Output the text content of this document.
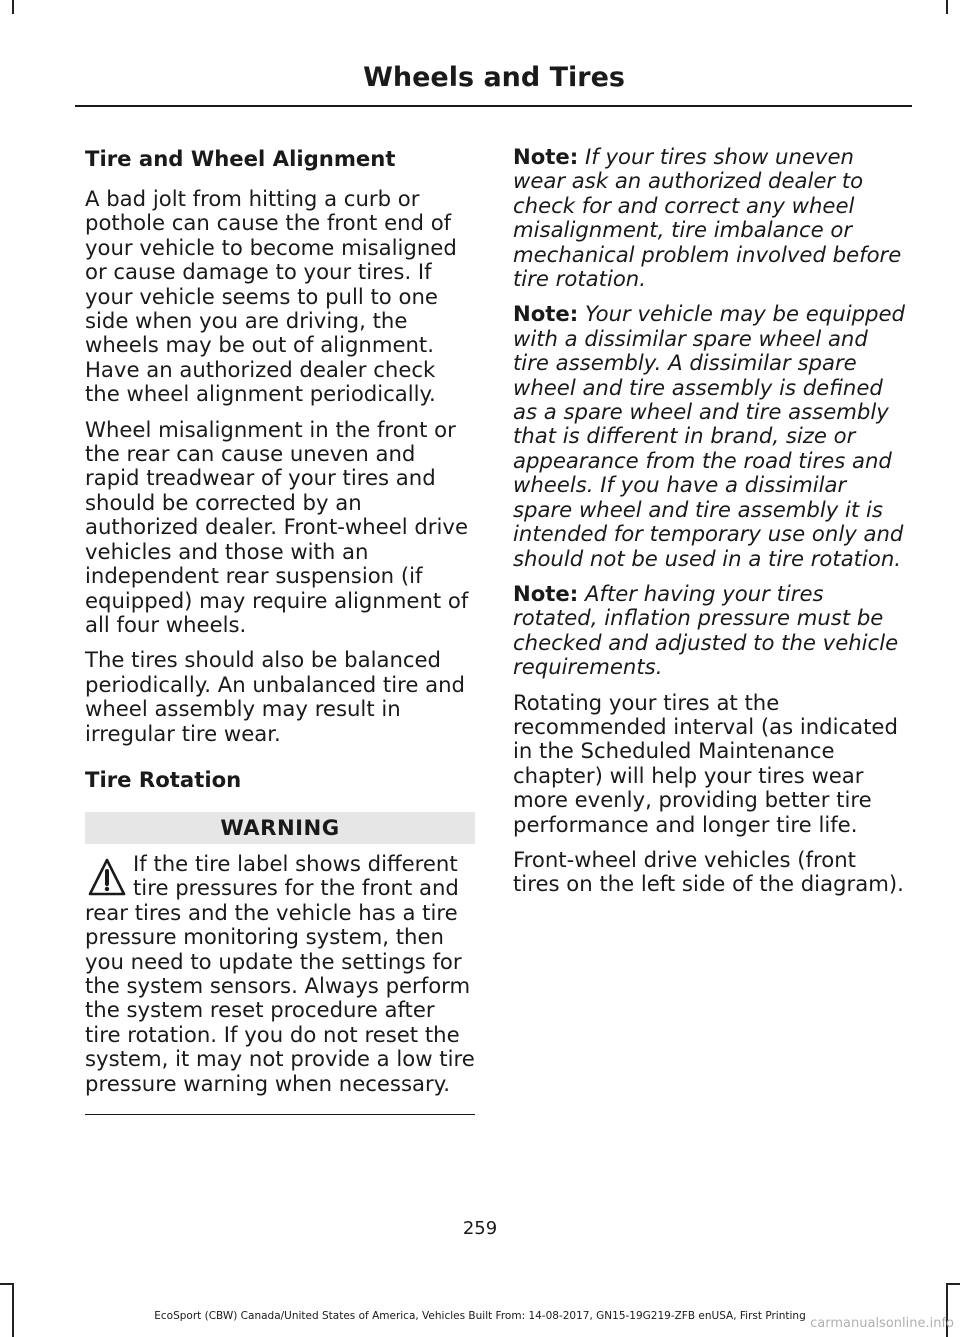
Wheels and Tires
Tire and Wheel Alignment

A bad jolt from hitting a curb or pothole can cause the front end of your vehicle to become misaligned or cause damage to your tires. If your vehicle seems to pull to one side when you are driving, the wheels may be out of alignment. Have an authorized dealer check the wheel alignment periodically.

Wheel misalignment in the front or the rear can cause uneven and rapid treadwear of your tires and should be corrected by an authorized dealer. Front-wheel drive vehicles and those with an independent rear suspension (if equipped) may require alignment of all four wheels.

The tires should also be balanced periodically. An unbalanced tire and wheel assembly may result in irregular tire wear.

Tire Rotation
WARNING

If the tire label shows different tire pressures for the front and rear tires and the vehicle has a tire pressure monitoring system, then you need to update the settings for the system sensors. Always perform the system reset procedure after tire rotation. If you do not reset the system, it may not provide a low tire pressure warning when necessary.

Note: If your tires show uneven wear ask an authorized dealer to check for and correct any wheel misalignment, tire imbalance or mechanical problem involved before tire rotation.

Note: Your vehicle may be equipped with a dissimilar spare wheel and tire assembly. A dissimilar spare wheel and tire assembly is defined as a spare wheel and tire assembly that is different in brand, size or appearance from the road tires and wheels. If you have a dissimilar spare wheel and tire assembly it is intended for temporary use only and should not be used in a tire rotation.

Note: After having your tires rotated, inflation pressure must be checked and adjusted to the vehicle requirements.

Rotating your tires at the recommended interval (as indicated in the Scheduled Maintenance chapter) will help your tires wear more evenly, providing better tire performance and longer tire life.

Front-wheel drive vehicles (front tires on the left side of the diagram).

259
EcoSport (CBW) Canada/United States of America, Vehicles Built From: 14-08-2017, GN15-19G219-ZFB enUSA, First Printing carmanualsonline.info
